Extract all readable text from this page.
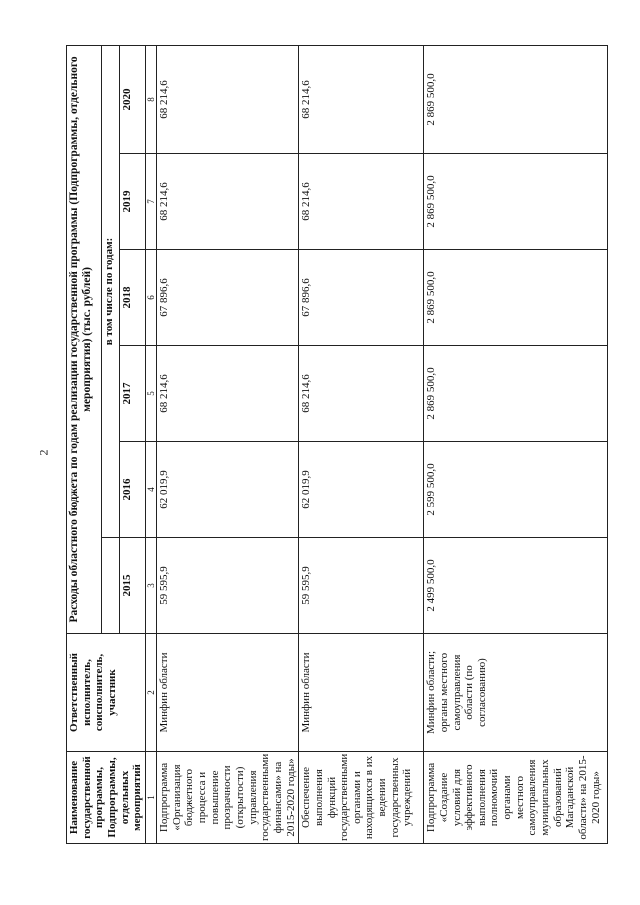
2
Наименование государственной программы, Подпрограммы, отдельных мероприятий	Ответственный исполнитель, соисполнитель, участник	Расходы областного бюджета по годам реализации государственной программы (Подпрограммы, отдельного мероприятия) (тыс. рублей)					
			в том числе по годам:				
		2015	2016	2017	2018	2019	2020
1	2	3	4	5	6	7	8
Подпрограмма «Организация бюджетного процесса и повышение прозрачности (открытости) управления государственными финансами» на 2015-2020 годы»	Минфин области	59 595,9	62 019,9	68 214,6	67 896,6	68 214,6	68 214,6
Обеспечение выполнения функций государственными органами и находящихся в их ведении государственных учреждений	Минфин области	59 595,9	62 019,9	68 214,6	67 896,6	68 214,6	68 214,6
Подпрограмма «Создание условий для эффективного выполнения полномочий органами местного самоуправления муниципальных образований Магаданской области» на 2015-2020 годы»	Минфин области; органы местного самоуправления области (по согласованию)	2 499 500,0	2 599 500,0	2 869 500,0	2 869 500,0	2 869 500,0	2 869 500,0
